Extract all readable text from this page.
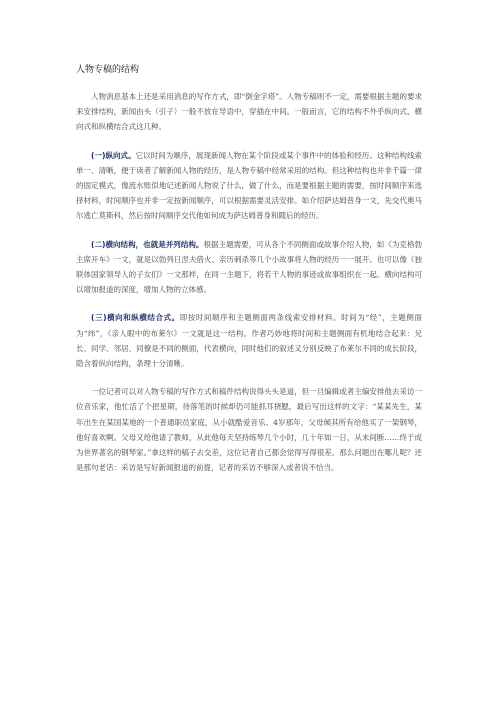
人物专稿的结构

人物消息基本上还是采用消息的写作方式，即“倒金字塔”。人物专稿则不一定，需要根据主题的要求来安排结构，新闻由头（引子）一般不放在导语中，穿插在中间。一般而言，它的结构不外乎纵向式、横向式和纵横结合式这几种。

(一)纵向式。它以时间为顺序，展现新闻人物在某个阶段或某个事件中的体验和经历。这种结构线索单一、清晰，便于读者了解新闻人物的经历，是人物专稿中经常采用的结构。但这种结构也并非千篇一律的固定模式，像流水账似地记述新闻人物说了什么，做了什么，而是要根据主题的需要，按时间顺序来选择材料，时间顺序也并非一定按新闻顺序，可以根据需要灵活安排。如介绍萨达姆普身一文，先交代奥马尔逃亡莫斯科，然后按时间顺序交代他如何成为萨达姆普身和随后的经历。

(二)横向结构，也就是并列结构。根据主题需要，可从各个不同侧面或故事介绍人物，如《为克格勃主席开车》一文，就是以勃列日涅夫借火、亲历刺杀等几个小故事将人物的经历一一展开。也可以像《独联体国家领导人的子女们》一文那样，在同一主题下，将若干人物的事迹或故事组织在一起。横向结构可以增加报道的深度，增加人物的立体感。

(三)横向和纵横结合式。即按时间顺序和主题侧面两条线索安排材料。时间为“经”，主题侧面为“纬”，《亲人眼中的布莱尔》一文就是这一结构。作者巧妙地将时间和主题侧面有机地结合起来：兄长、同学、邻居、同僚是不同的侧面，代表横向，同时他们的叙述又分别反映了布莱尔不同的成长阶段，隐含着纵向结构，条理十分清晰。

一位记者可以对人物专稿的写作方式和稿件结构说得头头是道，但一旦编辑或者主编安排他去采访一位音乐家，他忙活了个把星期，待落笔的时候却仍可能抓耳挠腮，最后写出这样的文字：“某某先生，某年出生在某国某地的一个普通职员家庭，从小就酷爱音乐。4岁那年，父母倾其所有给他买了一架钢琴，他好喜欢啊。父母又给他请了教师，从此他每天坚持练琴几个小时，几十年如一日，从未间断……终于成为世界著名的钢琴家。”拿这样的稿子去交差，这位记者自己都会觉得写得很差。那么问题出在哪儿呢？还是那句老话：采访是写好新闻报道的前提，记者的采访不够深入或者说不恰当。
